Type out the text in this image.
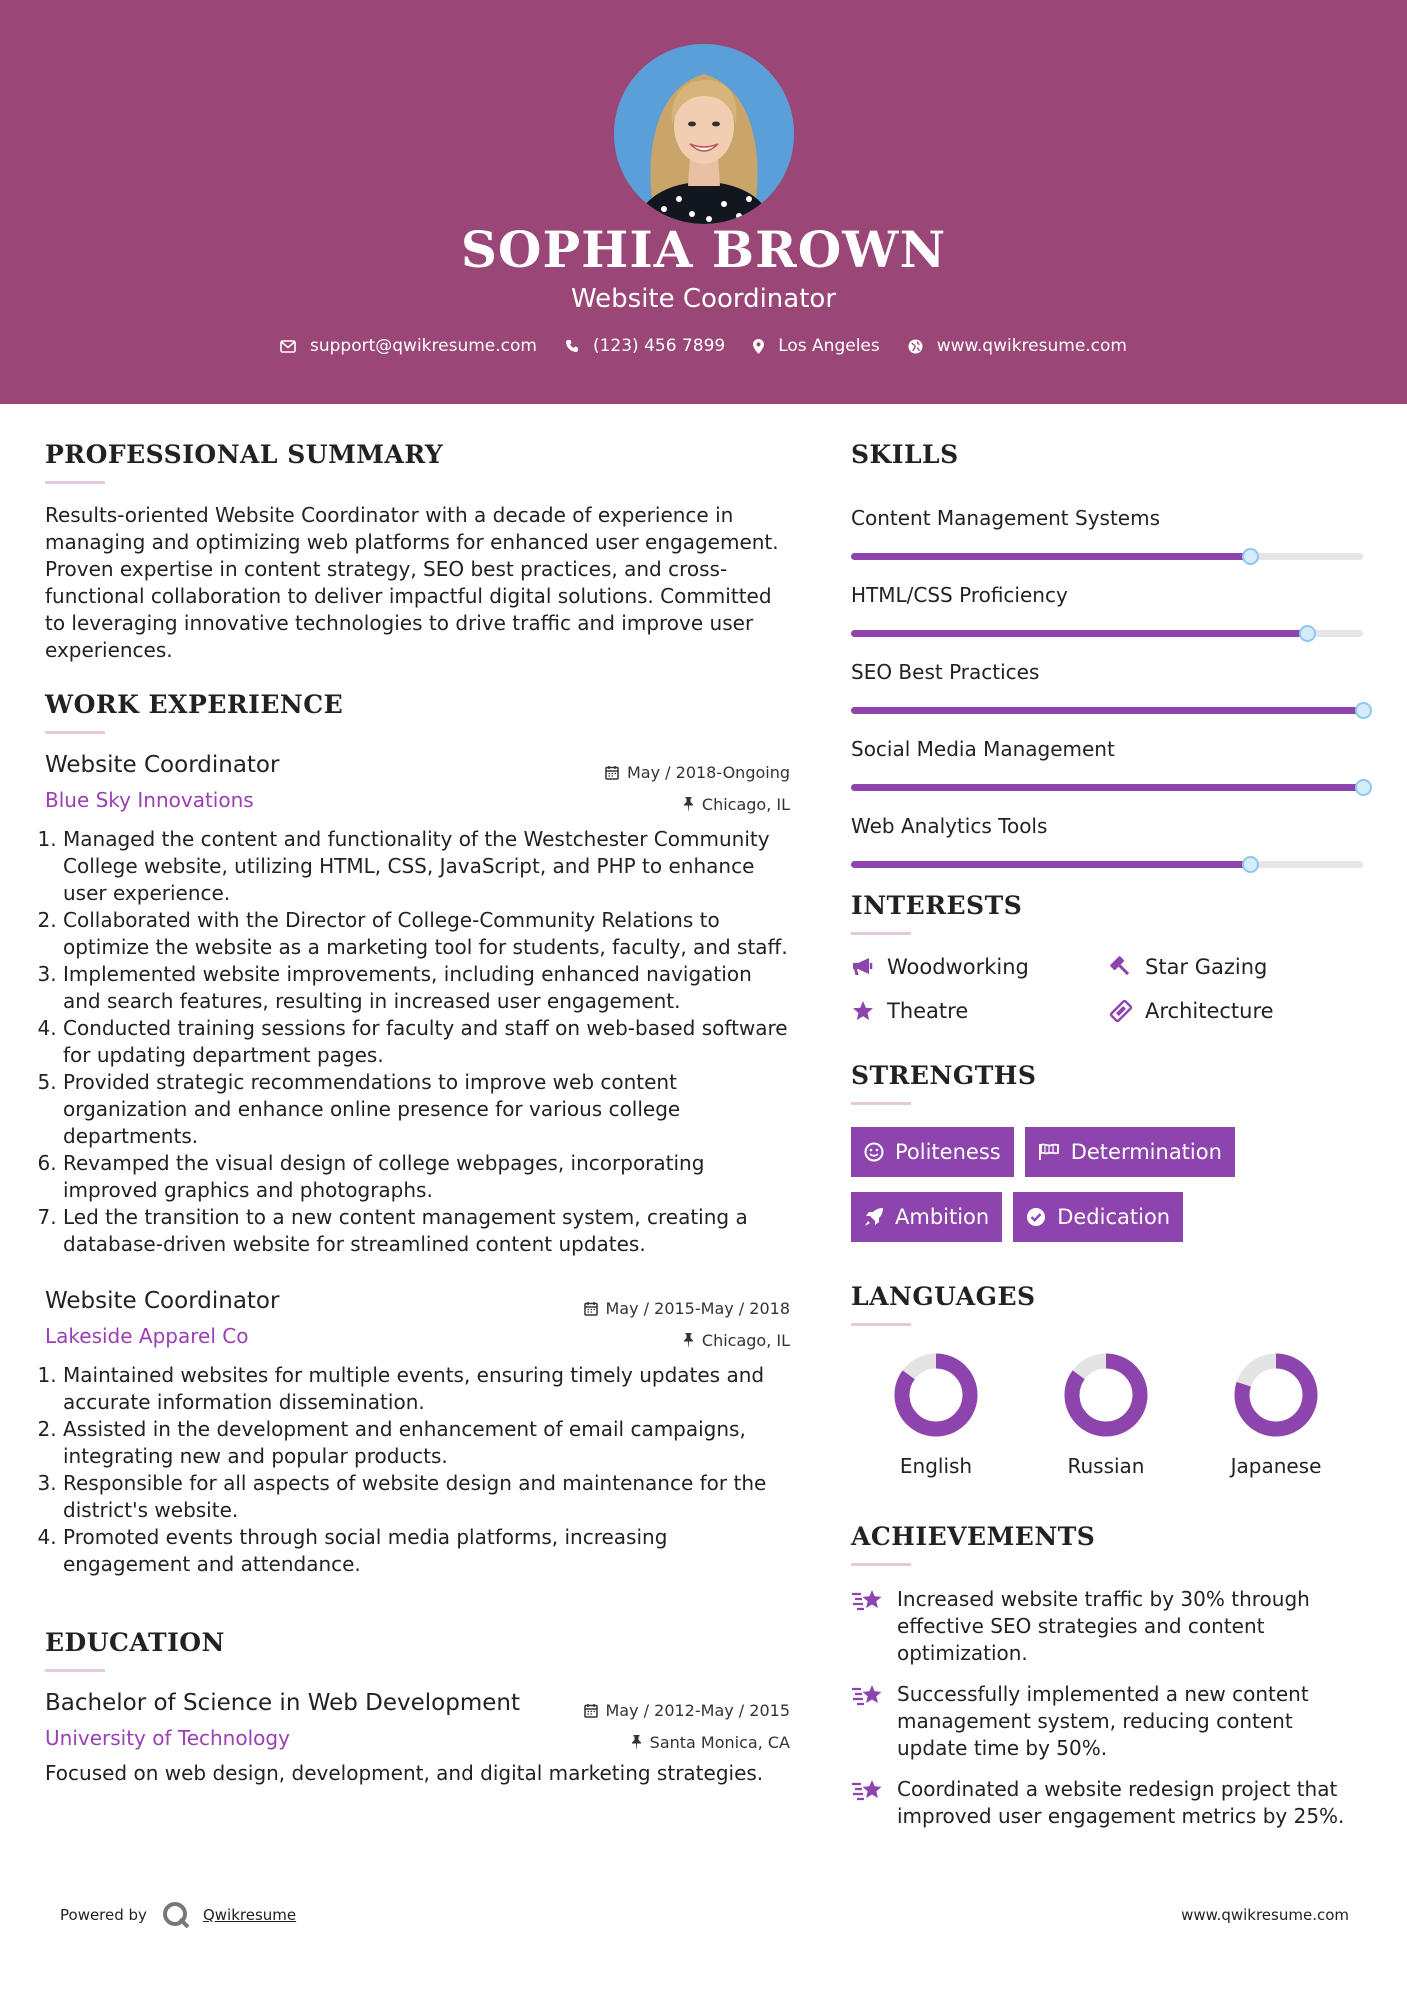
SOPHIA BROWN
Website Coordinator
support@qwikresume.com	(123) 456 7899	Los Angeles	www.qwikresume.com
PROFESSIONAL SUMMARY
Results-oriented Website Coordinator with a decade of experience in managing and optimizing web platforms for enhanced user engagement. Proven expertise in content strategy, SEO best practices, and cross-functional collaboration to deliver impactful digital solutions. Committed to leveraging innovative technologies to drive traffic and improve user experiences.
WORK EXPERIENCE
Website Coordinator
Blue Sky Innovations
May / 2018-Ongoing
Chicago, IL
1. Managed the content and functionality of the Westchester Community College website, utilizing HTML, CSS, JavaScript, and PHP to enhance user experience.
2. Collaborated with the Director of College-Community Relations to optimize the website as a marketing tool for students, faculty, and staff.
3. Implemented website improvements, including enhanced navigation and search features, resulting in increased user engagement.
4. Conducted training sessions for faculty and staff on web-based software for updating department pages.
5. Provided strategic recommendations to improve web content organization and enhance online presence for various college departments.
6. Revamped the visual design of college webpages, incorporating improved graphics and photographs.
7. Led the transition to a new content management system, creating a database-driven website for streamlined content updates.
Website Coordinator
Lakeside Apparel Co
May / 2015-May / 2018
Chicago, IL
1. Maintained websites for multiple events, ensuring timely updates and accurate information dissemination.
2. Assisted in the development and enhancement of email campaigns, integrating new and popular products.
3. Responsible for all aspects of website design and maintenance for the district's website.
4. Promoted events through social media platforms, increasing engagement and attendance.
EDUCATION
Bachelor of Science in Web Development
University of Technology
May / 2012-May / 2015
Santa Monica, CA
Focused on web design, development, and digital marketing strategies.
SKILLS
Content Management Systems
HTML/CSS Proficiency
SEO Best Practices
Social Media Management
Web Analytics Tools
INTERESTS
Woodworking	Star Gazing
Theatre	Architecture
STRENGTHS
Politeness	Determination
Ambition	Dedication
LANGUAGES
English	Russian	Japanese
ACHIEVEMENTS
Increased website traffic by 30% through effective SEO strategies and content optimization.
Successfully implemented a new content management system, reducing content update time by 50%.
Coordinated a website redesign project that improved user engagement metrics by 25%.
Powered by	Qwikresume	www.qwikresume.com
